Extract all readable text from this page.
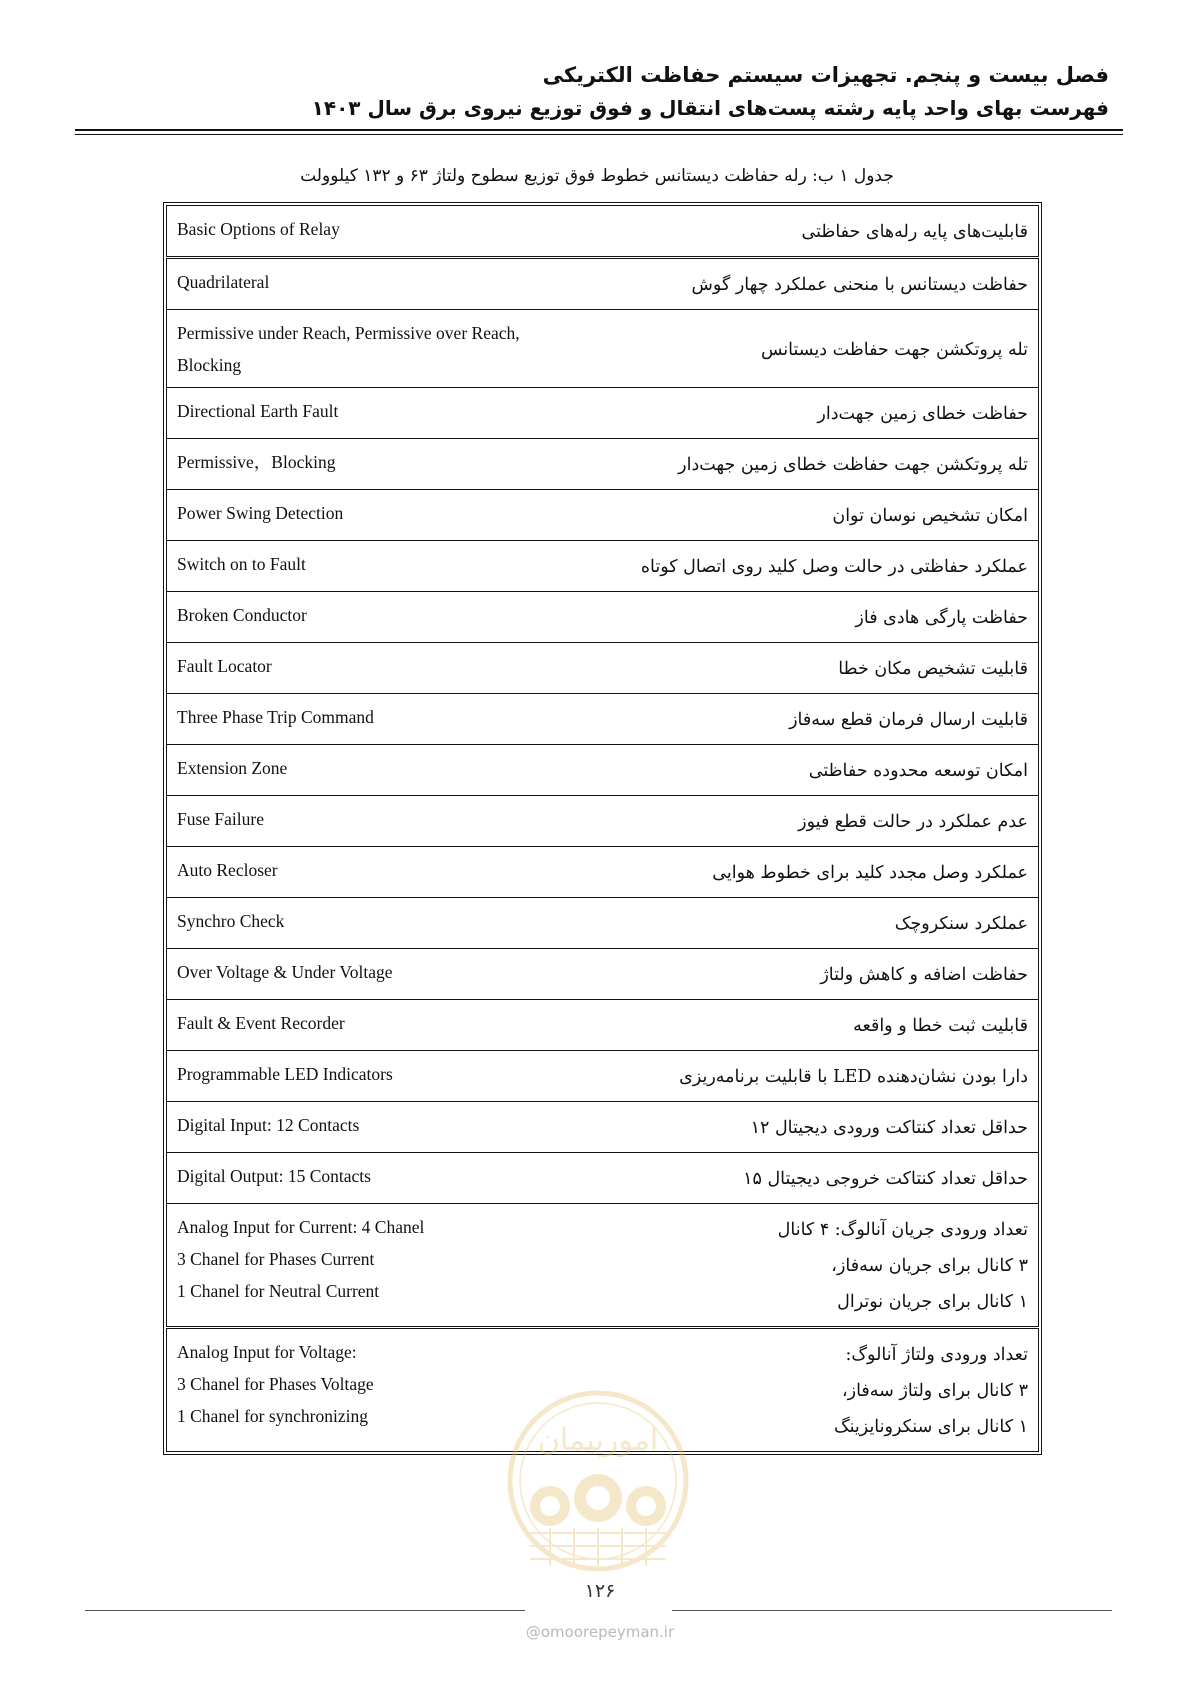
فصل بیست و پنجم. تجهیزات سیستم حفاظت الکتریکی
فهرست بهای واحد پایه رشته پست‌های انتقال و فوق توزیع نیروی برق سال ۱۴۰۳
جدول ۱ ب: رله حفاظت دیستانس خطوط فوق توزیع سطوح ولتاژ ۶۳ و ۱۳۲ کیلوولت
Basic Options of Relay	قابلیت‌های پایه رله‌های حفاظتی

Quadrilateral	حفاظت دیستانس با منحنی عملکرد چهار گوش

Permissive under Reach, Permissive over Reach,
Blocking	تله پروتکشن جهت حفاظت دیستانس

Directional Earth Fault	حفاظت خطای زمین جهت‌دار

Permissive，Blocking	تله پروتکشن جهت حفاظت خطای زمین جهت‌دار

Power Swing Detection	امکان تشخیص نوسان توان

Switch on to Fault	عملکرد حفاظتی در حالت وصل کلید روی اتصال کوتاه

Broken Conductor	حفاظت پارگی هادی فاز

Fault Locator	قابلیت تشخیص مکان خطا

Three Phase Trip Command	قابلیت ارسال فرمان قطع سه‌فاز

Extension Zone	امکان توسعه محدوده حفاظتی

Fuse Failure	عدم عملکرد در حالت قطع فیوز

Auto Recloser	عملکرد وصل مجدد کلید برای خطوط هوایی

Synchro Check	عملکرد سنکروچک

Over Voltage & Under Voltage	حفاظت اضافه و کاهش ولتاژ

Fault & Event Recorder	قابلیت ثبت خطا و واقعه

Programmable LED Indicators	دارا بودن نشان‌دهنده LED با قابلیت برنامه‌ریزی

Digital Input: 12 Contacts	حداقل تعداد کنتاکت ورودی دیجیتال ۱۲

Digital Output: 15 Contacts	حداقل تعداد کنتاکت خروجی دیجیتال ۱۵

Analog Input for Current: 4 Chanel
3 Chanel for Phases Current
1 Chanel for Neutral Current	تعداد ورودی جریان آنالوگ: ۴ کانال
۳ کانال برای جریان سه‌فاز،
۱ کانال برای جریان نوترال

Analog Input for Voltage:
3 Chanel for Phases Voltage
1 Chanel for synchronizing	تعداد ورودی ولتاژ آنالوگ:
۳ کانال برای ولتاژ سه‌فاز،
۱ کانال برای سنکرونایزینگ
امورپیمان
۱۲۶
@omoorepeyman.ir
